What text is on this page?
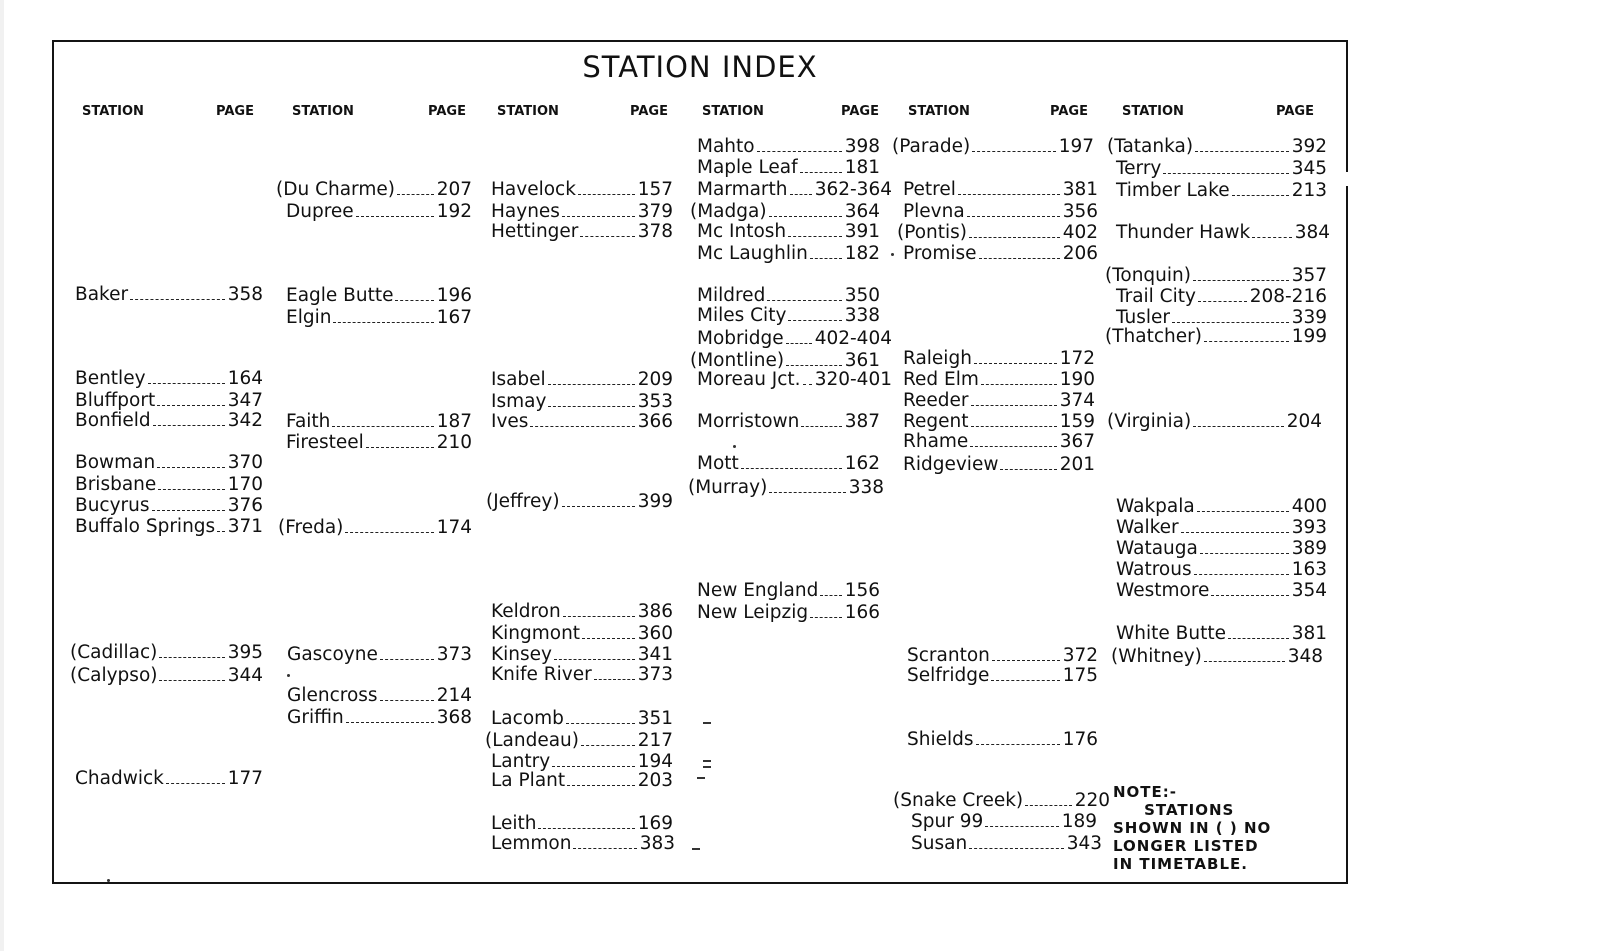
STATION INDEX
STATION	PAGE	STATION	PAGE STATION	PAGE	STATION	PAGE STATION	PAGE	STATION	PAGE
Baker	358
Bentley	164
Bluffport	347
Bonfield	342
Bowman	370
Brisbane	170
Bucyrus	376
Buffalo Springs 371
(Cadillac)	395
(Calypso)	344
Chadwick	177
(Du Charme) 207
Dupree	192
Eagle Butte 196
Elgin	167
Faith	187
Firesteel	210
(Freda)	174
Gascoyne	373
Glencross	214
Griffin	368
Havelock	157
Haynes	379
Hettinger	378
Isabel	209
Ismay	353
Ives	366
(Jeffrey)	399
Keldron	386
Kingmont	360
Kinsey	341
Knife River 373
Lacomb	351
(Landeau)	217
Lantry	194
La Plant	203
Leith	169
Lemmon	383
Mahto	398
Maple Leaf	181
Marmarth 362-364
(Madga)	364
Mc Intosh	391
Mc Laughlin 182
Mildred	350
Miles City	338
Mobridge 402-404
(Montline)	361
Moreau Jct. 320-401
Morristown 387
Mott	162
(Murray)	338
New England 156
New Leipzig 166
(Parade)	197
Petrel	381
Plevna	356
(Pontis)	402
Promise	206
Raleigh	172
Red Elm	190
Reeder	374
Regent	159
Rhame	367
Ridgeview	201
Scranton	372
Selfridge	175
Shields	176
(Snake Creek)	220
Spur 99	189
Susan	343
(Tatanka)	392
Terry	345
Timber Lake	213
Thunder Hawk 384
(Tonquin)	357
Trail City	208-216
Tusler	339
(Thatcher)	199
(Virginia)	204
Wakpala	400
Walker	393
Watauga	389
Watrous	163
Westmore	354
White Butte	381
(Whitney)	348
NOTE:-
STATIONS
SHOWN IN ( ) NO
LONGER LISTED
IN TIMETABLE.
